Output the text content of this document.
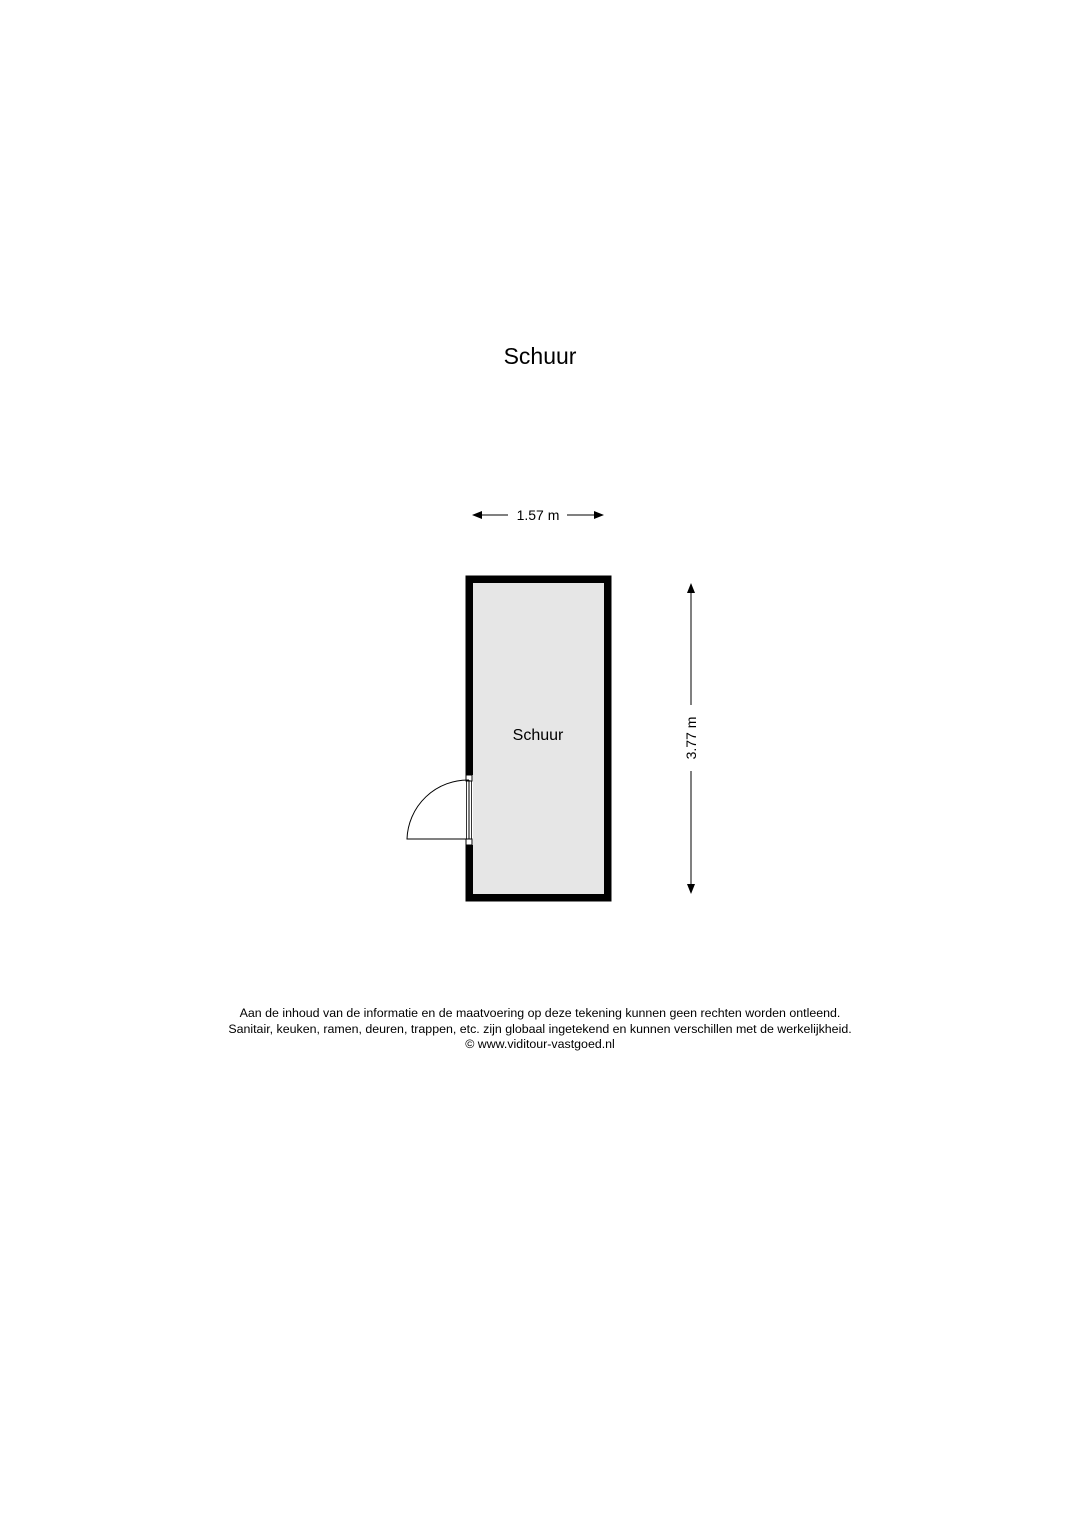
Schuur
1.57 m
3.77 m
Schuur
Aan de inhoud van de informatie en de maatvoering op deze tekening kunnen geen rechten worden ontleend.
Sanitair, keuken, ramen, deuren, trappen, etc. zijn globaal ingetekend en kunnen verschillen met de werkelijkheid.
© www.viditour-vastgoed.nl
